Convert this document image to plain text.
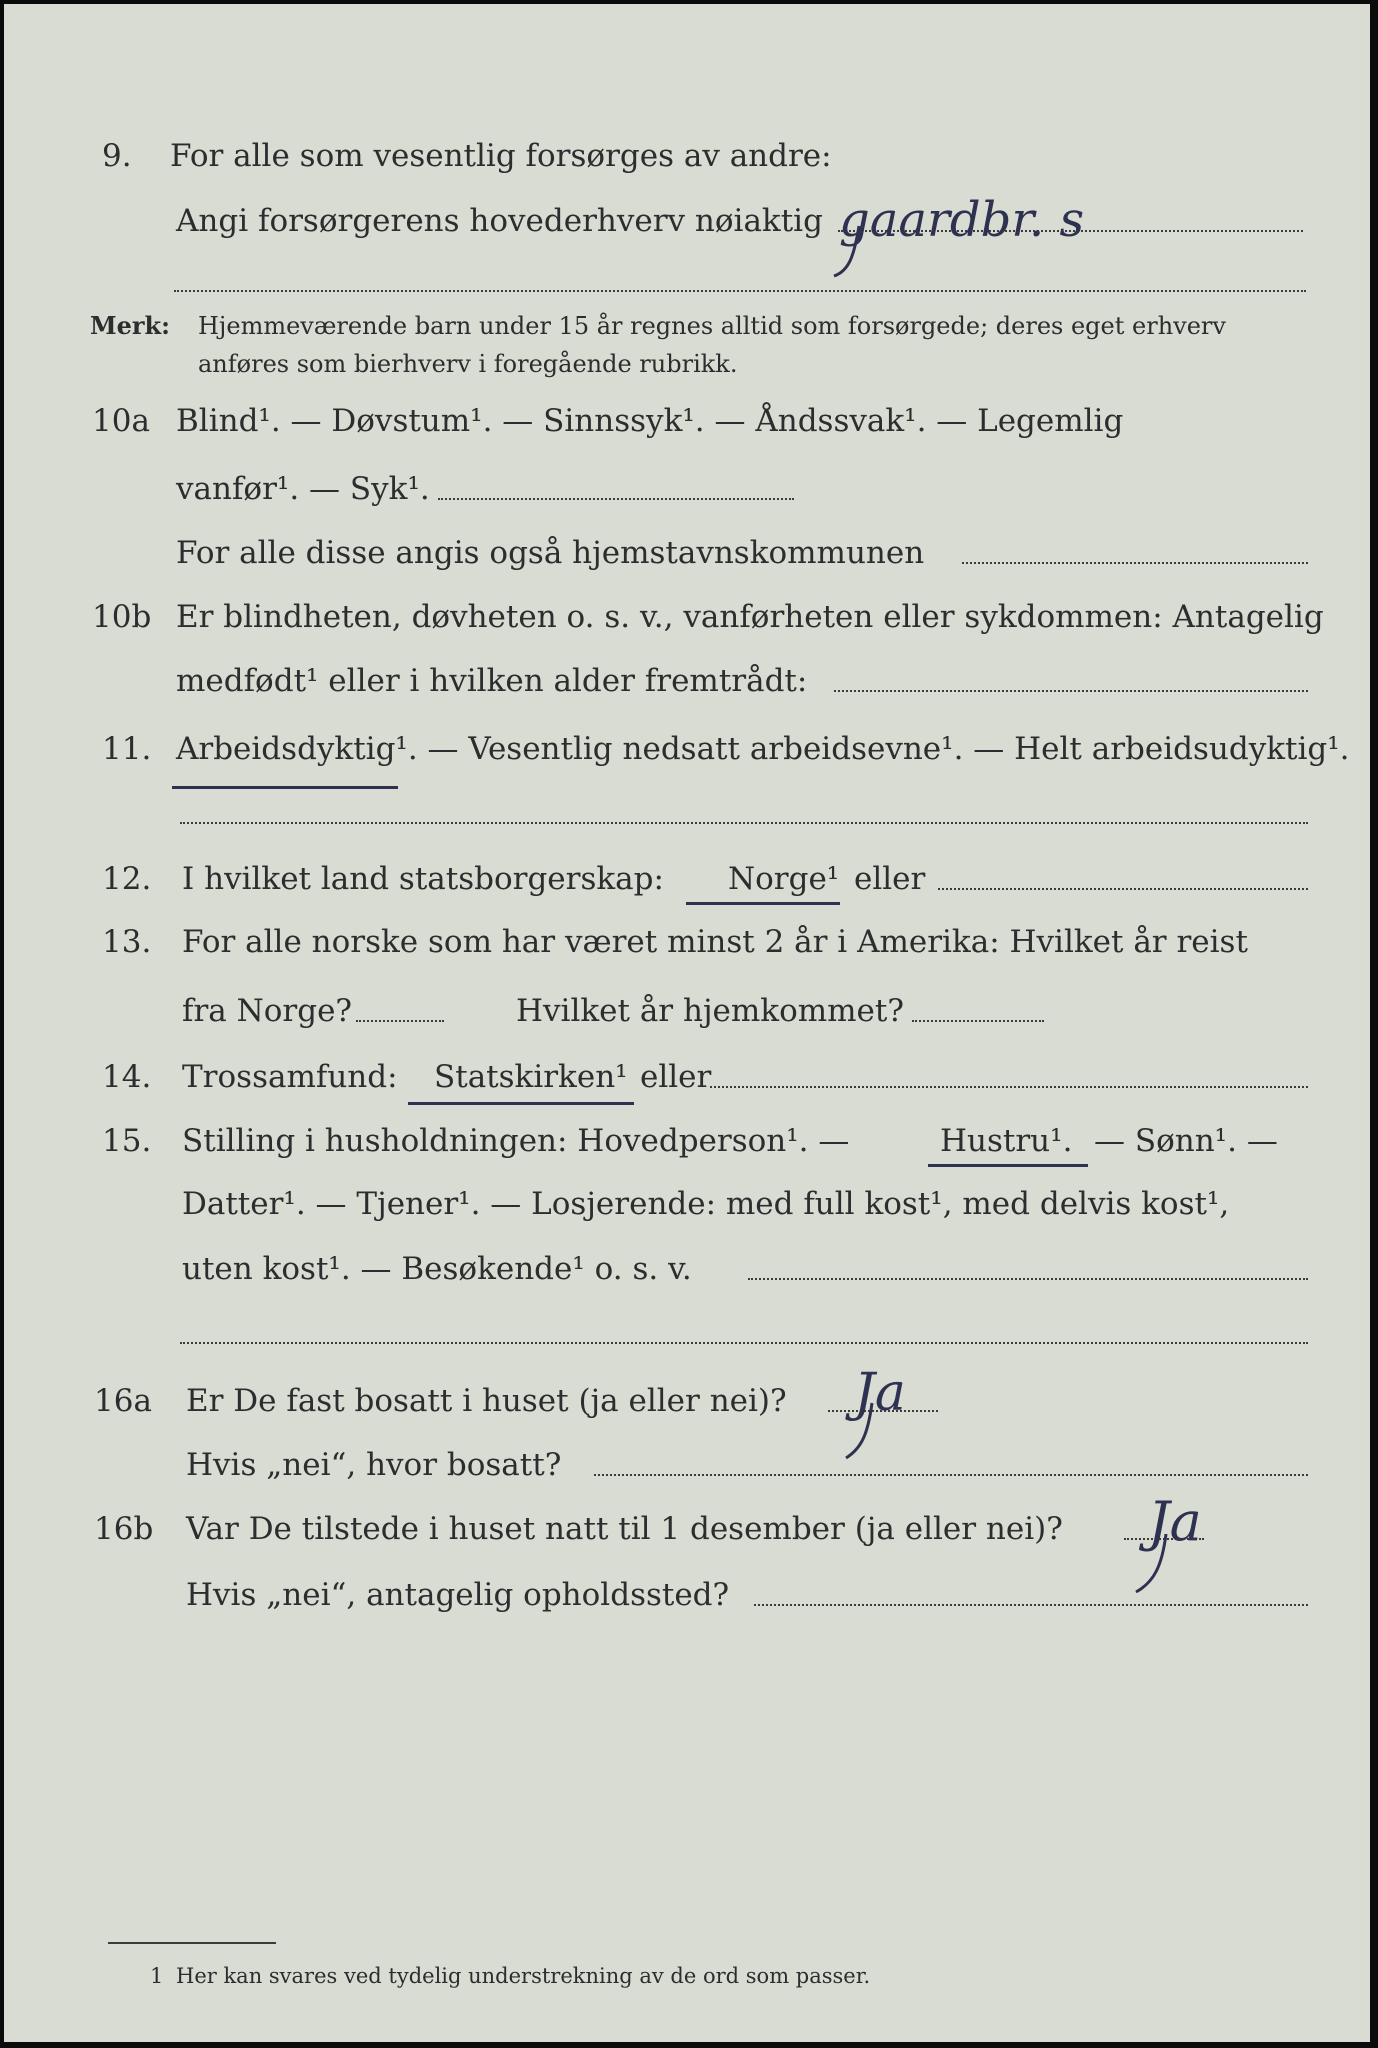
9. For alle som vesentlig forsørges av andre:
Angi forsørgerens hovederhverv nøiaktig gaardbr. s
Merk: Hjemmeværende barn under 15 år regnes alltid som forsørgede; deres eget erhverv
anføres som bierhverv i foregående rubrikk.
10a Blind¹. — Døvstum¹. — Sinnssyk¹. — Åndssvak¹. — Legemlig
vanfør¹. — Syk¹.
For alle disse angis også hjemstavnskommunen
10b Er blindheten, døvheten o. s. v., vanførheten eller sykdommen: Antagelig
medfødt¹ eller i hvilken alder fremtrådt:
11. Arbeidsdyktig¹. — Vesentlig nedsatt arbeidsevne¹. — Helt arbeidsudyktig¹.
12. I hvilket land statsborgerskap: Norge¹ eller
13. For alle norske som har været minst 2 år i Amerika: Hvilket år reist
fra Norge?	Hvilket år hjemkommet?
14. Trossamfund: Statskirken¹ eller
15. Stilling i husholdningen: Hovedperson¹. —	Hustru¹. — Sønn¹. —
Datter¹. — Tjener¹. — Losjerende: med full kost¹, med delvis kost¹,
uten kost¹. — Besøkende¹ o. s. v.
16a Er De fast bosatt i huset (ja eller nei)? Ja
Hvis „nei“, hvor bosatt?
16b Var De tilstede i huset natt til 1 desember (ja eller nei)? Ja
Hvis „nei“, antagelig opholdssted?
1 Her kan svares ved tydelig understrekning av de ord som passer.
